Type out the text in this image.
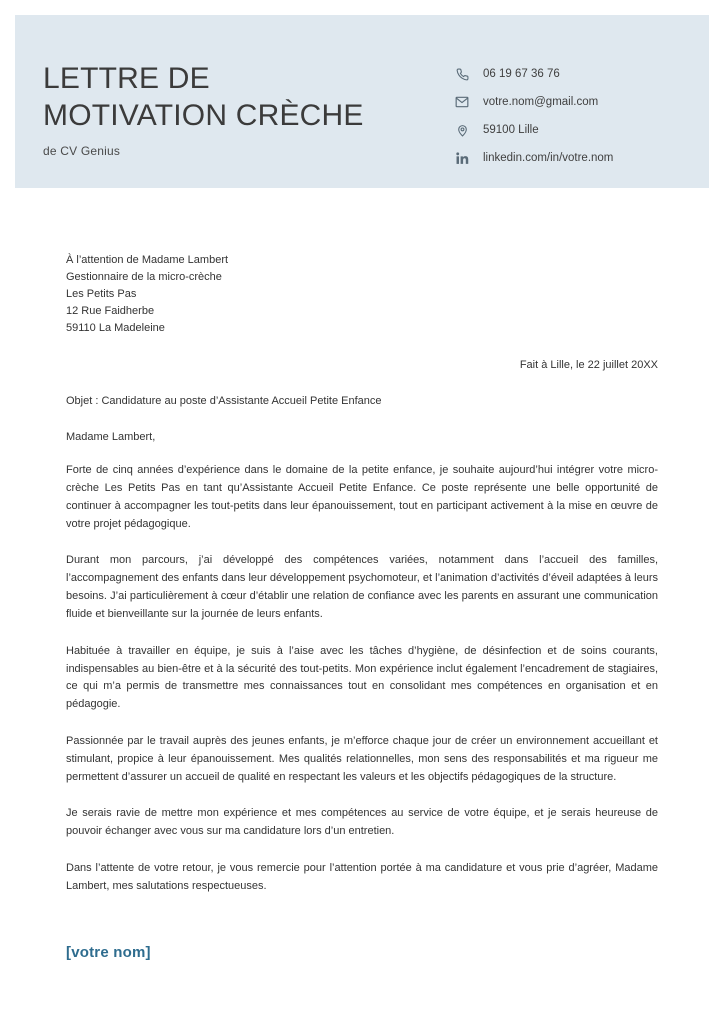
LETTRE DE
MOTIVATION CRÈCHE
de CV Genius
06 19 67 36 76
votre.nom@gmail.com
59100 Lille
linkedin.com/in/votre.nom
À l’attention de Madame Lambert
Gestionnaire de la micro-crèche
Les Petits Pas
12 Rue Faidherbe
59110 La Madeleine
Fait à Lille, le 22 juillet 20XX
Objet : Candidature au poste d’Assistante Accueil Petite Enfance
Madame Lambert,
Forte de cinq années d’expérience dans le domaine de la petite enfance, je souhaite aujourd’hui intégrer votre micro-crèche Les Petits Pas en tant qu’Assistante Accueil Petite Enfance. Ce poste représente une belle opportunité de continuer à accompagner les tout-petits dans leur épanouissement, tout en participant activement à la mise en œuvre de votre projet pédagogique.
Durant mon parcours, j’ai développé des compétences variées, notamment dans l’accueil des familles, l’accompagnement des enfants dans leur développement psychomoteur, et l’animation d’activités d’éveil adaptées à leurs besoins. J’ai particulièrement à cœur d’établir une relation de confiance avec les parents en assurant une communication fluide et bienveillante sur la journée de leurs enfants.
Habituée à travailler en équipe, je suis à l’aise avec les tâches d’hygiène, de désinfection et de soins courants, indispensables au bien-être et à la sécurité des tout-petits. Mon expérience inclut également l’encadrement de stagiaires, ce qui m’a permis de transmettre mes connaissances tout en consolidant mes compétences en organisation et en pédagogie.
Passionnée par le travail auprès des jeunes enfants, je m’efforce chaque jour de créer un environnement accueillant et stimulant, propice à leur épanouissement. Mes qualités relationnelles, mon sens des responsabilités et ma rigueur me permettent d’assurer un accueil de qualité en respectant les valeurs et les objectifs pédagogiques de la structure.
Je serais ravie de mettre mon expérience et mes compétences au service de votre équipe, et je serais heureuse de pouvoir échanger avec vous sur ma candidature lors d’un entretien.
Dans l’attente de votre retour, je vous remercie pour l’attention portée à ma candidature et vous prie d’agréer, Madame Lambert, mes salutations respectueuses.
[votre nom]
